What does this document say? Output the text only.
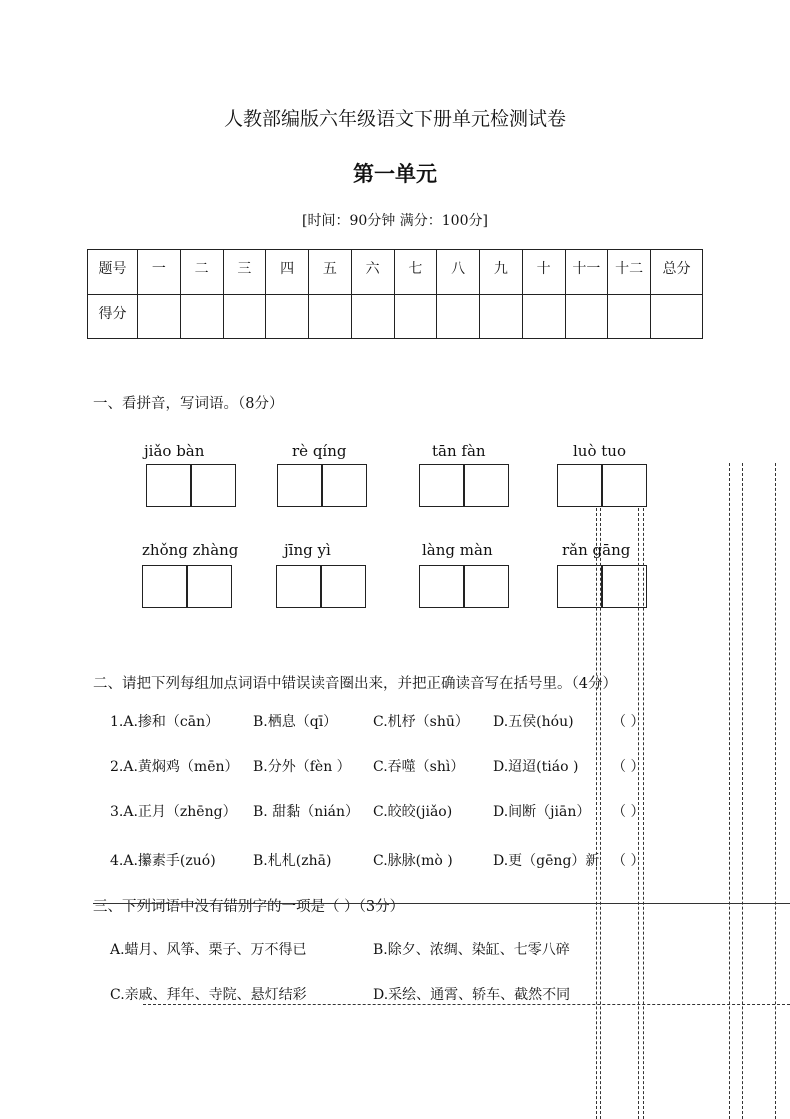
人教部编版六年级语文下册单元检测试卷
第一单元
[时间：90分钟 满分：100分]
题号	一	二	三	四	五	六	七	八	九	十	十一	十二	总分
得分													
一、看拼音，写词语。（8分）
jiǎo bàn	rè qíng	tān fàn	luò tuo
zhǒng zhàng	jīng yì	làng màn	rǎn gāng
二、请把下列每组加点词语中错误读音圈出来，并把正确读音写在括号里。（4分）
1.A.掺和（cān） B.栖息（qī）	C.机杼（shū） D.五侯(hóu)	（ ）
2.A.黄焖鸡（mēn） B.分外（fèn ） C.吞噬（shì） D.迢迢(tiáo ) （ ）
3.A.正月（zhēng） B. 甜黏（nián） C.皎皎(jiǎo)	D.间断（jiān） （ ）
4.A.攥素手(zuó)	B.札札(zhā)	C.脉脉(mò )	D.更（gēng）新 （ ）
三、下列词语中没有错别字的一项是（ ）（3分）
A.蜡月、风筝、栗子、万不得已	B.除夕、浓绸、染缸、七零八碎
C.亲戚、拜年、寺院、悬灯结彩	D.采绘、通霄、轿车、截然不同
